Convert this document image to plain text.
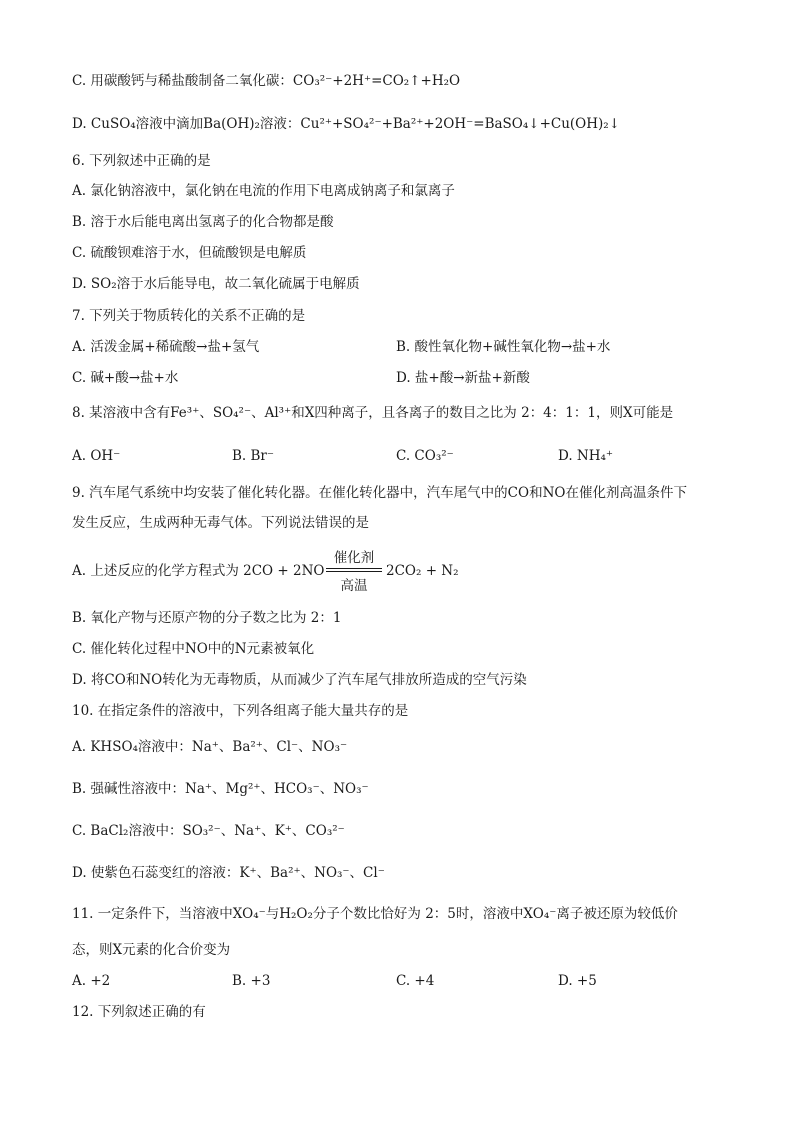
C. 用碳酸钙与稀盐酸制备二氧化碳：CO₃²⁻+2H⁺=CO₂↑+H₂O
D. CuSO₄溶液中滴加Ba(OH)₂溶液：Cu²⁺+SO₄²⁻+Ba²⁺+2OH⁻=BaSO₄↓+Cu(OH)₂↓
6. 下列叙述中正确的是
A. 氯化钠溶液中，氯化钠在电流的作用下电离成钠离子和氯离子
B. 溶于水后能电离出氢离子的化合物都是酸
C. 硫酸钡难溶于水，但硫酸钡是电解质
D. SO₂溶于水后能导电，故二氧化硫属于电解质
7. 下列关于物质转化的关系不正确的是
A. 活泼金属+稀硫酸→盐+氢气	B. 酸性氧化物+碱性氧化物→盐+水
C. 碱+酸→盐+水	D. 盐+酸→新盐+新酸
8. 某溶液中含有Fe³⁺、SO₄²⁻、Al³⁺和X四种离子，且各离子的数目之比为 2：4：1：1，则X可能是
A. OH⁻	B. Br⁻	C. CO₃²⁻	D. NH₄⁺
9. 汽车尾气系统中均安装了催化转化器。在催化转化器中，汽车尾气中的CO和NO在催化剂高温条件下
发生反应，生成两种无毒气体。下列说法错误的是
A. 上述反应的化学方程式为 2CO + 2NO
催化剂
高温
2CO₂ + N₂
B. 氧化产物与还原产物的分子数之比为 2：1
C. 催化转化过程中NO中的N元素被氧化
D. 将CO和NO转化为无毒物质，从而减少了汽车尾气排放所造成的空气污染
10. 在指定条件的溶液中，下列各组离子能大量共存的是
A. KHSO₄溶液中：Na⁺、Ba²⁺、Cl⁻、NO₃⁻
B. 强碱性溶液中：Na⁺、Mg²⁺、HCO₃⁻、NO₃⁻
C. BaCl₂溶液中：SO₃²⁻、Na⁺、K⁺、CO₃²⁻
D. 使紫色石蕊变红的溶液：K⁺、Ba²⁺、NO₃⁻、Cl⁻
11. 一定条件下，当溶液中XO₄⁻与H₂O₂分子个数比恰好为 2：5时，溶液中XO₄⁻离子被还原为较低价
态，则X元素的化合价变为
A. +2	B. +3	C. +4	D. +5
12. 下列叙述正确的有
